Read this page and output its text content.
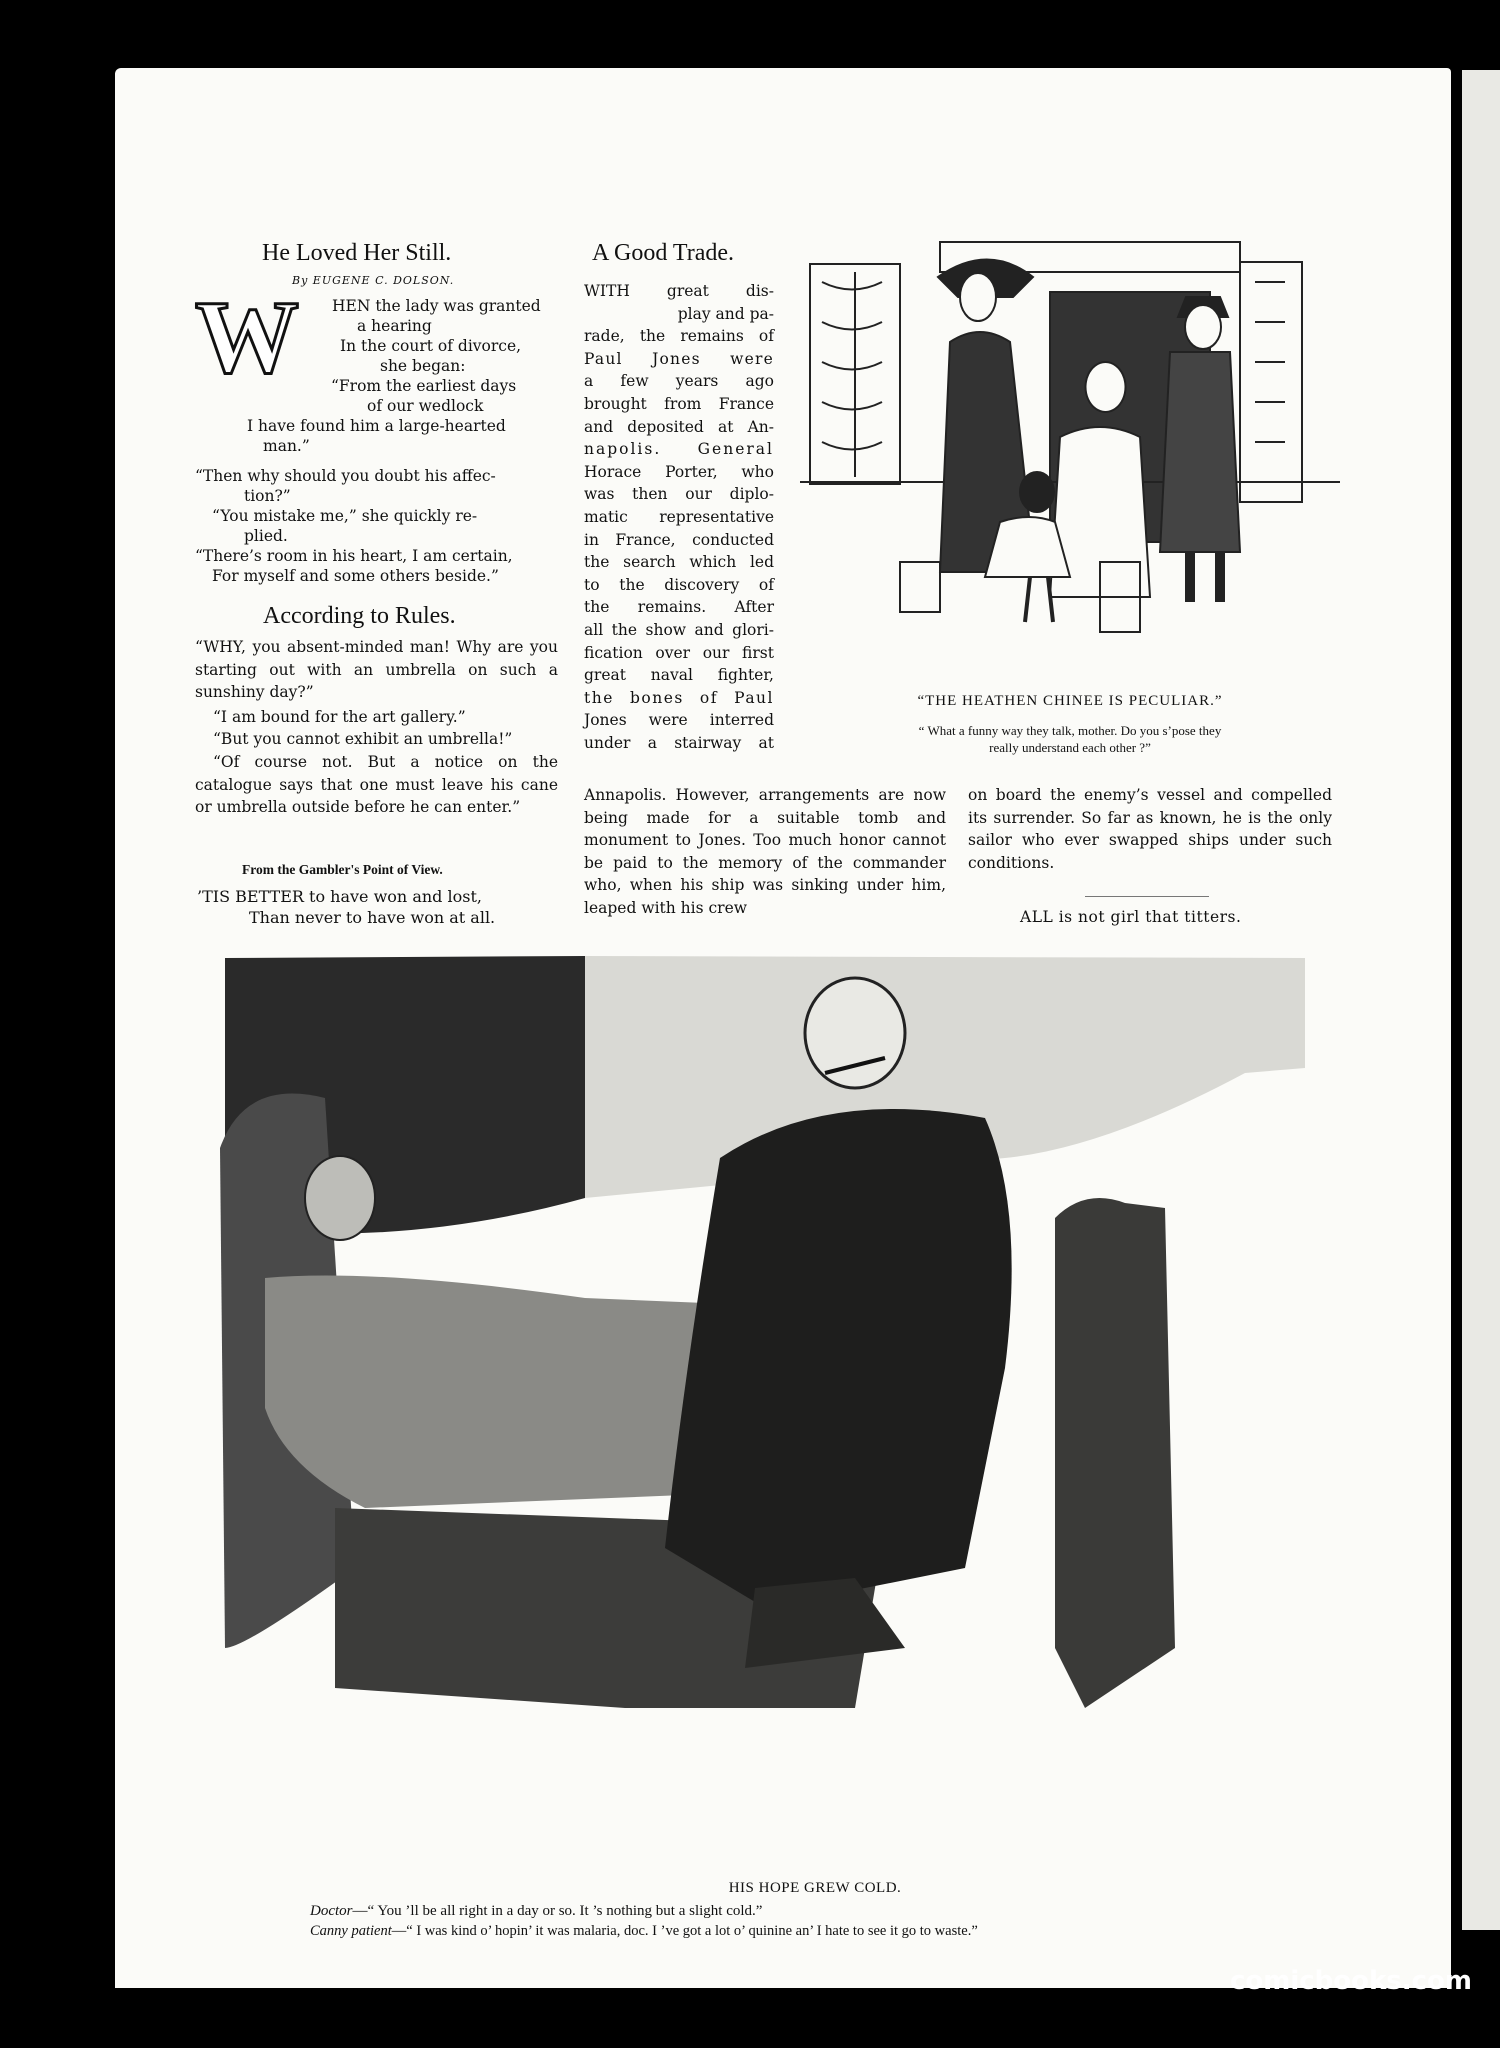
He Loved Her Still.
By EUGENE C. DOLSON.
W	HEN the lady was granted

a hearing

In the court of divorce,

she began:

“From the earliest days

of our wedlock

I have found him a large-hearted

man.”

“Then why should you doubt his affec-

tion?”

“You mistake me,” she quickly re-

plied.

“There’s room in his heart, I am certain,

For myself and some others beside.”

According to Rules.

“WHY, you absent-minded man! Why are you starting out with an umbrella on such a sunshiny day?”

“I am bound for the art gallery.”

“But you cannot exhibit an umbrella!”

“Of course not. But a notice on the catalogue says that one must leave his cane or umbrella outside before he can enter.”

From the Gambler's Point of View.

’TIS BETTER to have won and lost,

Than never to have won at all.

A Good Trade.
WITH great dis-
play and pa-
rade, the remains of
Paul Jones were
a few years ago
brought from France
and deposited at An-
napolis. General
Horace Porter, who
was then our diplo-
matic representative
in France, conducted
the search which led
to the discovery of
the remains. After
all the show and glori-
fication over our first
great naval fighter,
the bones of Paul
Jones were interred
under a stairway at

Annapolis. However, arrangements are now being made for a suitable tomb and monument to Jones. Too much honor cannot be paid to the memory of the commander who, when his ship was sinking under him, leaped with his crew

on board the enemy’s vessel and compelled its surrender. So far as known, he is the only sailor who ever swapped ships under such conditions.

ALL is not girl that titters.
“THE HEATHEN CHINEE IS PECULIAR.”
“ What a funny way they talk, mother. Do you s’pose they
really understand each other ?”
HIS HOPE GREW COLD.
Doctor—“ You ’ll be all right in a day or so. It ’s nothing but a slight cold.”
Canny patient—“ I was kind o’ hopin’ it was malaria, doc. I ’ve got a lot o’ quinine an’ I hate to see it go to waste.”
comicbooks.com
